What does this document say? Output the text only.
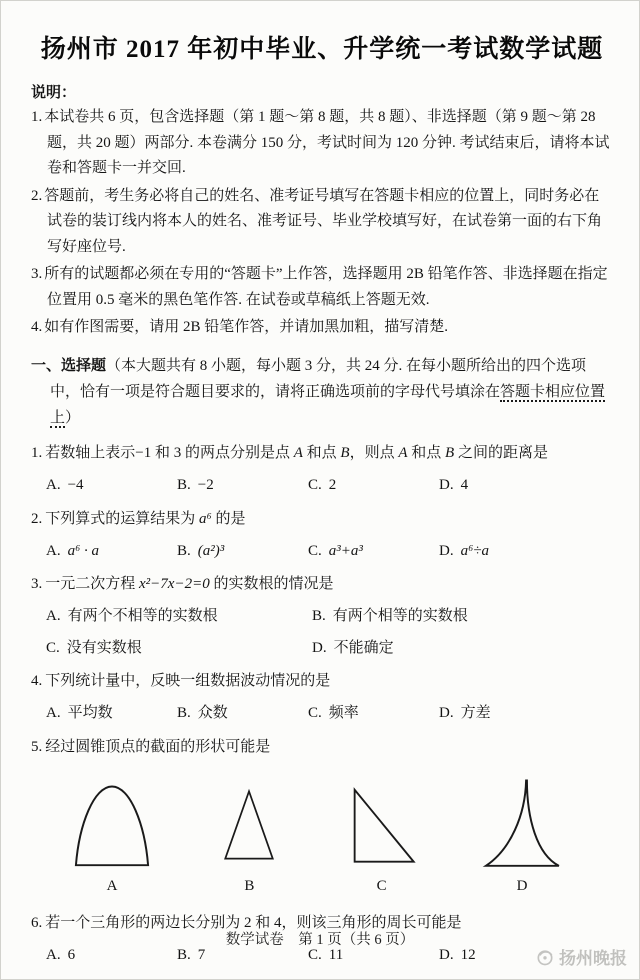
扬州市 2017 年初中毕业、升学统一考试数学试题
说明：
1. 本试卷共 6 页，包含选择题（第 1 题～第 8 题，共 8 题）、非选择题（第 9 题～第 28 题，共 20 题）两部分. 本卷满分 150 分，考试时间为 120 分钟. 考试结束后，请将本试卷和答题卡一并交回.
2. 答题前，考生务必将自己的姓名、准考证号填写在答题卡相应的位置上，同时务必在试卷的装订线内将本人的姓名、准考证号、毕业学校填写好，在试卷第一面的右下角写好座位号.
3. 所有的试题都必须在专用的“答题卡”上作答，选择题用 2B 铅笔作答、非选择题在指定位置用 0.5 毫米的黑色笔作答. 在试卷或草稿纸上答题无效.
4. 如有作图需要，请用 2B 铅笔作答，并请加黑加粗，描写清楚.
一、选择题（本大题共有 8 小题，每小题 3 分，共 24 分. 在每小题所给出的四个选项中，恰有一项是符合题目要求的，请将正确选项前的字母代号填涂在答题卡相应位置上）
1. 若数轴上表示−1 和 3 的两点分别是点 A 和点 B，则点 A 和点 B 之间的距离是
A. −4	B. −2	C. 2	D. 4
2. 下列算式的运算结果为 a⁶ 的是
A. a⁶ · a	B. (a²)³	C. a³+a³	D. a⁶÷a
3. 一元二次方程 x²−7x−2=0 的实数根的情况是
A. 有两个不相等的实数根	B. 有两个相等的实数根
C. 没有实数根	D. 不能确定
4. 下列统计量中，反映一组数据波动情况的是
A. 平均数	B. 众数	C. 频率	D. 方差
5. 经过圆锥顶点的截面的形状可能是
A	B	C	D
6. 若一个三角形的两边长分别为 2 和 4，则该三角形的周长可能是
A. 6	B. 7	C. 11	D. 12
数学试卷　第 1 页（共 6 页）
扬州晚报
